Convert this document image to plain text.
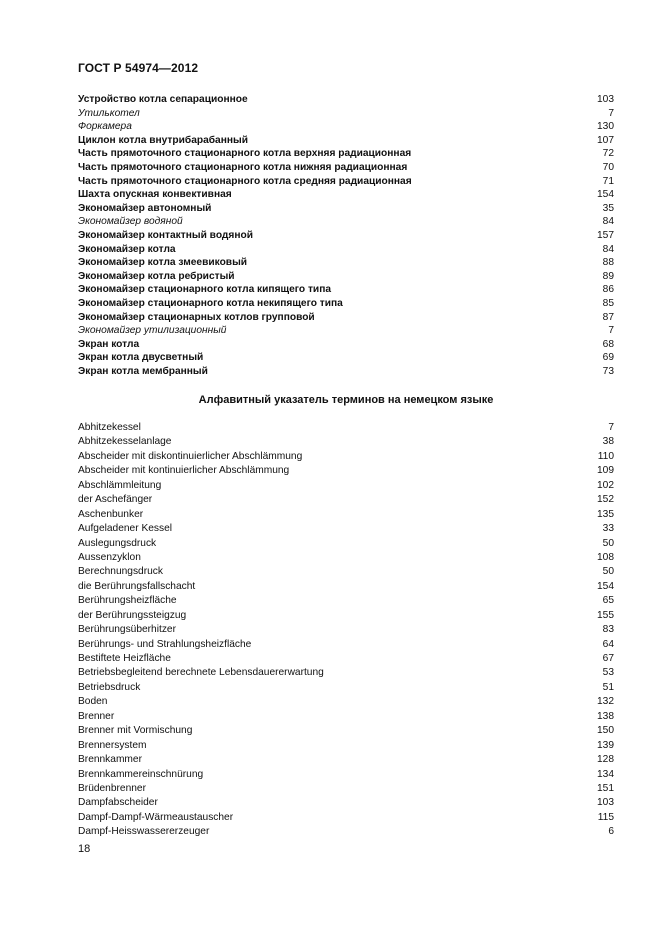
ГОСТ Р 54974—2012
Устройство котла сепарационное	103
Утилькотел	7
Форкамера	130
Циклон котла внутрибарабанный	107
Часть прямоточного стационарного котла верхняя радиационная	72
Часть прямоточного стационарного котла нижняя радиационная	70
Часть прямоточного стационарного котла средняя радиационная	71
Шахта опускная конвективная	154
Экономайзер автономный	35
Экономайзер водяной	84
Экономайзер контактный водяной	157
Экономайзер котла	84
Экономайзер котла змеевиковый	88
Экономайзер котла ребристый	89
Экономайзер стационарного котла кипящего типа	86
Экономайзер стационарного котла некипящего типа	85
Экономайзер стационарных котлов групповой	87
Экономайзер утилизационный	7
Экран котла	68
Экран котла двусветный	69
Экран котла мембранный	73
Алфавитный указатель терминов на немецком языке
Abhitzekessel	7
Abhitzekesselanlage	38
Abscheider mit diskontinuierlicher Abschlämmung	110
Abscheider mit kontinuierlicher Abschlämmung	109
Abschlämmleitung	102
der Aschefänger	152
Aschenbunker	135
Aufgeladener Kessel	33
Auslegungsdruck	50
Aussenzyklon	108
Berechnungsdruck	50
die Berührungsfallschacht	154
Berührungsheizfläche	65
der Berührungssteigzug	155
Berührungsüberhitzer	83
Berührungs- und Strahlungsheizfläche	64
Bestiftete Heizfläche	67
Betriebsbegleitend berechnete Lebensdauererwartung	53
Betriebsdruck	51
Boden	132
Brenner	138
Brenner mit Vormischung	150
Brennersystem	139
Brennkammer	128
Brennkammereinschnürung	134
Brüdenbrenner	151
Dampfabscheider	103
Dampf-Dampf-Wärmeaustauscher	115
Dampf-Heisswassererzeuger	6
18
